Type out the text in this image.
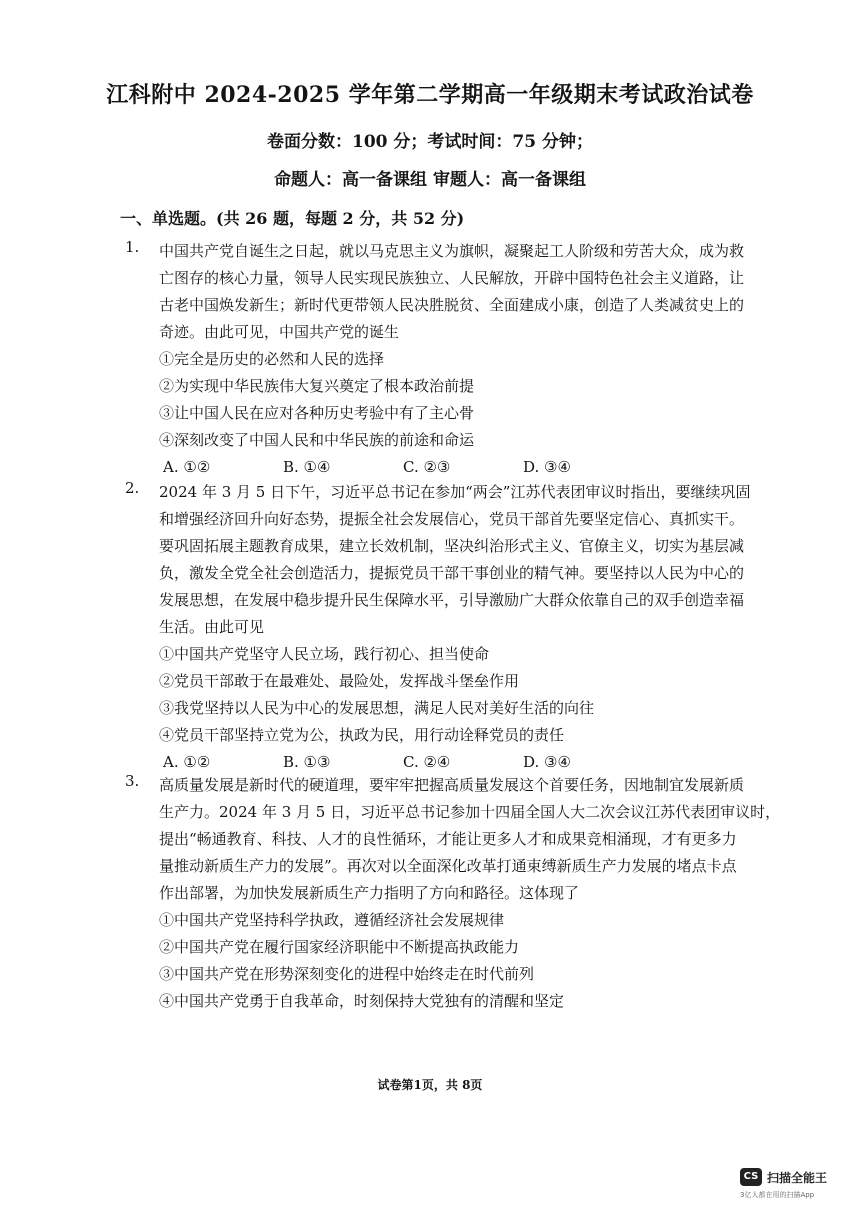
江科附中 2024-2025 学年第二学期高一年级期末考试政治试卷
卷面分数：100 分；考试时间：75 分钟；
命题人：高一备课组 审题人：高一备课组
一、单选题。(共 26 题，每题 2 分，共 52 分)
1.	中国共产党自诞生之日起，就以马克思主义为旗帜，凝聚起工人阶级和劳苦大众，成为救
亡图存的核心力量，领导人民实现民族独立、人民解放，开辟中国特色社会主义道路，让
古老中国焕发新生；新时代更带领人民决胜脱贫、全面建成小康，创造了人类减贫史上的
奇迹。由此可见，中国共产党的诞生
①完全是历史的必然和人民的选择
②为实现中华民族伟大复兴奠定了根本政治前提
③让中国人民在应对各种历史考验中有了主心骨
④深刻改变了中国人民和中华民族的前途和命运
A. ①②	B. ①④	C. ②③	D. ③④
2.	2024 年 3 月 5 日下午，习近平总书记在参加“两会”江苏代表团审议时指出，要继续巩固
和增强经济回升向好态势，提振全社会发展信心，党员干部首先要坚定信心、真抓实干。
要巩固拓展主题教育成果，建立长效机制，坚决纠治形式主义、官僚主义，切实为基层减
负，激发全党全社会创造活力，提振党员干部干事创业的精气神。要坚持以人民为中心的
发展思想，在发展中稳步提升民生保障水平，引导激励广大群众依靠自己的双手创造幸福
生活。由此可见
①中国共产党坚守人民立场，践行初心、担当使命
②党员干部敢于在最难处、最险处，发挥战斗堡垒作用
③我党坚持以人民为中心的发展思想，满足人民对美好生活的向往
④党员干部坚持立党为公，执政为民，用行动诠释党员的责任
A. ①②	B. ①③	C. ②④	D. ③④
3.	高质量发展是新时代的硬道理，要牢牢把握高质量发展这个首要任务，因地制宜发展新质
生产力。2024 年 3 月 5 日，习近平总书记参加十四届全国人大二次会议江苏代表团审议时，
提出“畅通教育、科技、人才的良性循环，才能让更多人才和成果竞相涌现，才有更多力
量推动新质生产力的发展”。再次对以全面深化改革打通束缚新质生产力发展的堵点卡点
作出部署，为加快发展新质生产力指明了方向和路径。这体现了
①中国共产党坚持科学执政，遵循经济社会发展规律
②中国共产党在履行国家经济职能中不断提高执政能力
③中国共产党在形势深刻变化的进程中始终走在时代前列
④中国共产党勇于自我革命，时刻保持大党独有的清醒和坚定
试卷第1页，共 8页
CS 扫描全能王
3亿人都在用的扫描App
